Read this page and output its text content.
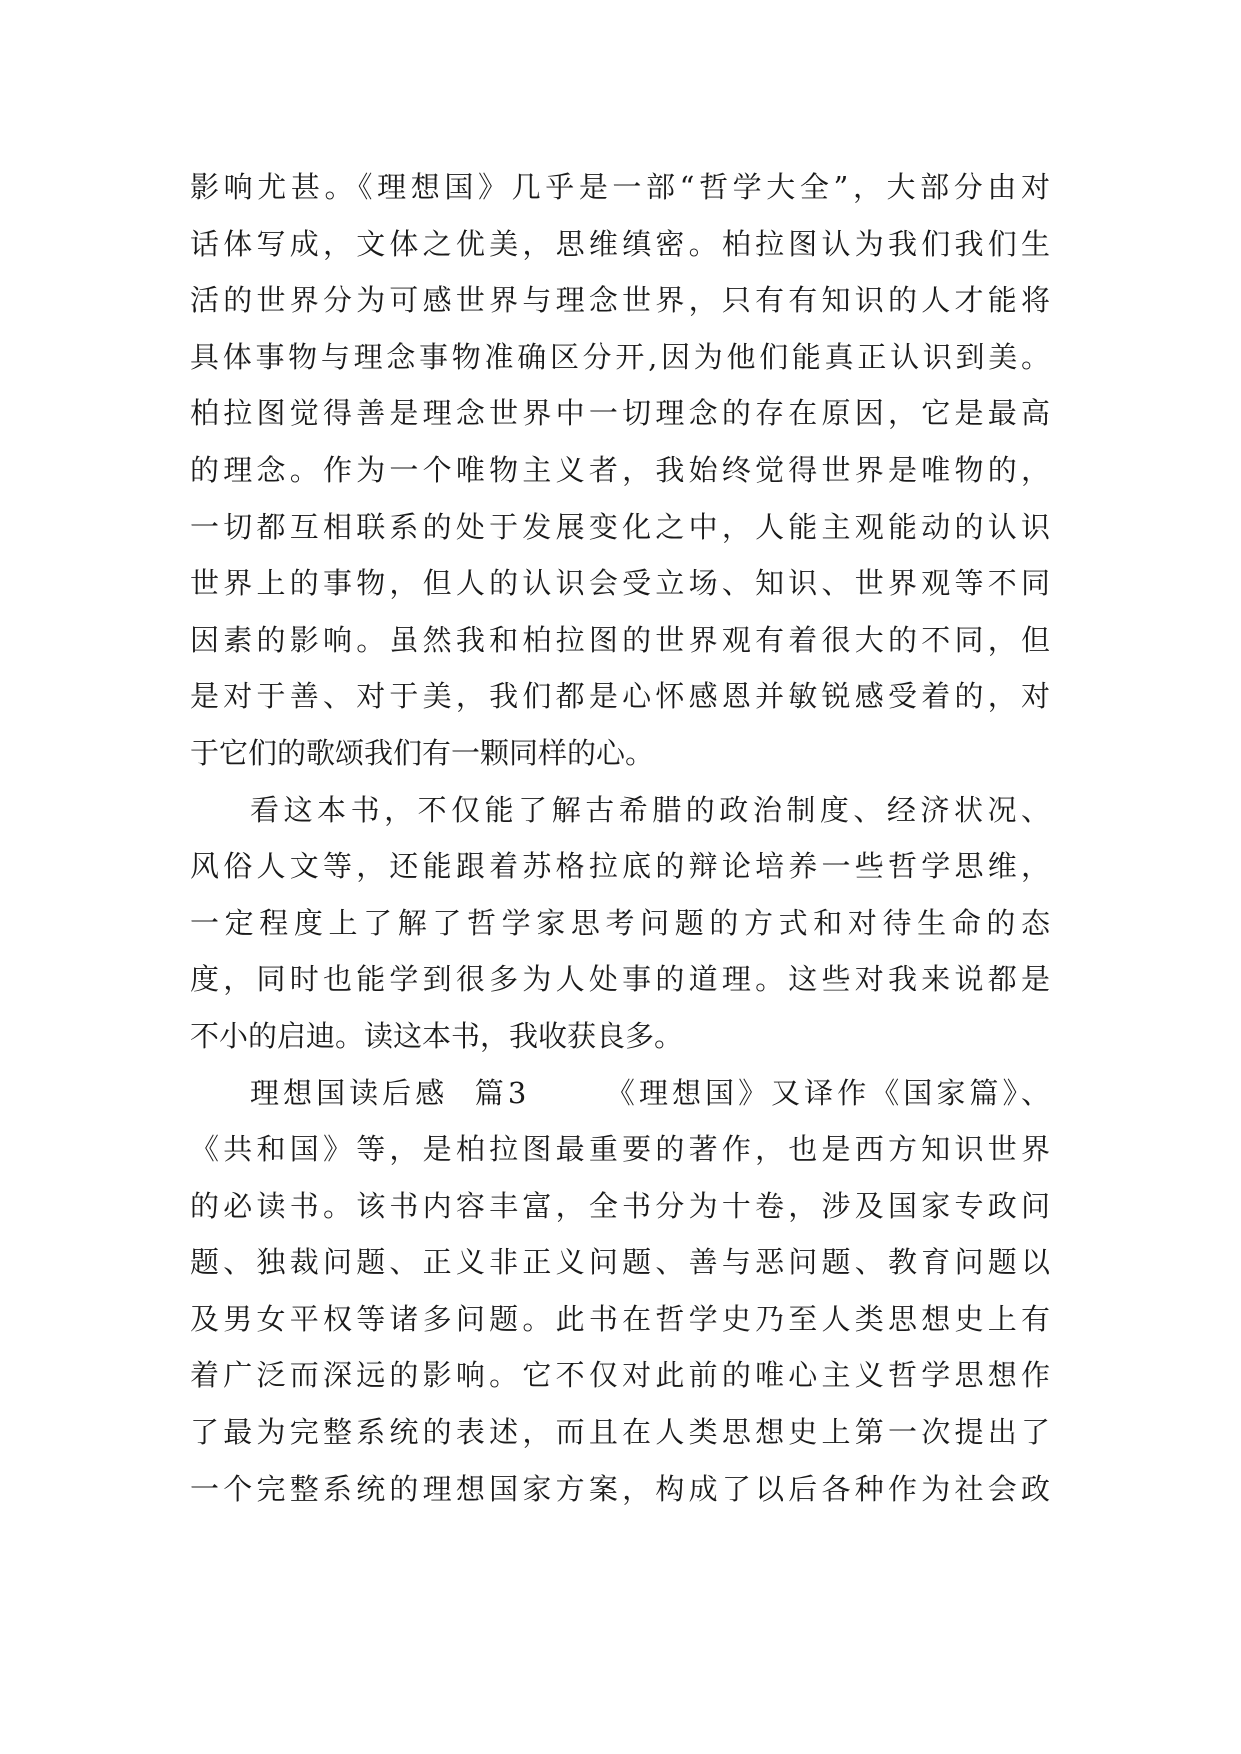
影响尤甚。《理想国》几乎是一部“哲学大全”，大部分由对
话体写成，文体之优美，思维缜密。柏拉图认为我们我们生
活的世界分为可感世界与理念世界，只有有知识的人才能将
具体事物与理念事物准确区分开,因为他们能真正认识到美。
柏拉图觉得善是理念世界中一切理念的存在原因，它是最高
的理念。作为一个唯物主义者，我始终觉得世界是唯物的，
一切都互相联系的处于发展变化之中，人能主观能动的认识
世界上的事物，但人的认识会受立场、知识、世界观等不同
因素的影响。虽然我和柏拉图的世界观有着很大的不同，但
是对于善、对于美，我们都是心怀感恩并敏锐感受着的，对
于它们的歌颂我们有一颗同样的心。
看这本书，不仅能了解古希腊的政治制度、经济状况、
风俗人文等，还能跟着苏格拉底的辩论培养一些哲学思维，
一定程度上了解了哲学家思考问题的方式和对待生命的态
度，同时也能学到很多为人处事的道理。这些对我来说都是
不小的启迪。读这本书，我收获良多。
理想国读后感  篇3      《理想国》又译作《国家篇》、
《共和国》等，是柏拉图最重要的著作，也是西方知识世界
的必读书。该书内容丰富，全书分为十卷，涉及国家专政问
题、独裁问题、正义非正义问题、善与恶问题、教育问题以
及男女平权等诸多问题。此书在哲学史乃至人类思想史上有
着广泛而深远的影响。它不仅对此前的唯心主义哲学思想作
了最为完整系统的表述，而且在人类思想史上第一次提出了
一个完整系统的理想国家方案，构成了以后各种作为社会政
